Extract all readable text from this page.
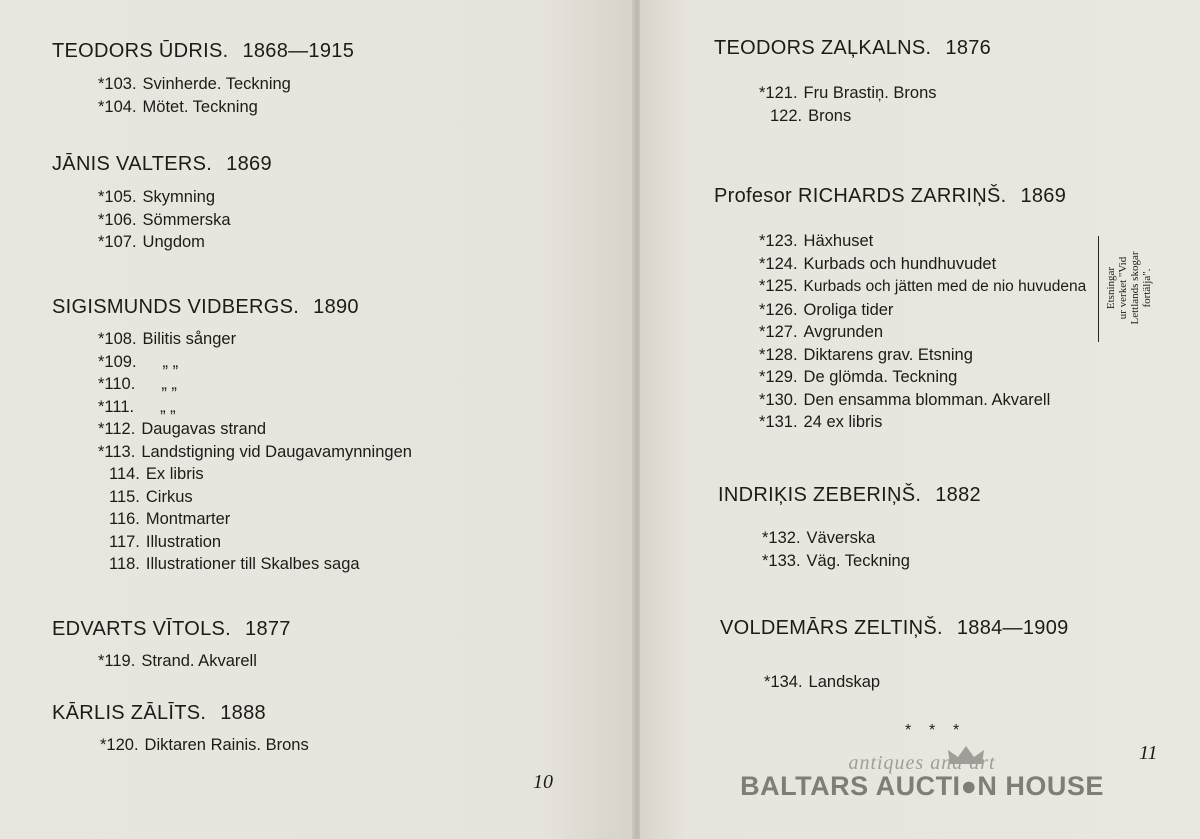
TEODORS ŪDRIS. 1868—1915
*103. Svinherde. Teckning
*104. Mötet. Teckning
JĀNIS VALTERS. 1869
*105. Skymning
*106. Sömmerska
*107. Ungdom
SIGISMUNDS VIDBERGS. 1890
*108. Bilitis sånger
*109. „ „
*110. „ „
*111. „ „
*112. Daugavas strand
*113. Landstigning vid Daugavamynningen
114. Ex libris
115. Cirkus
116. Montmarter
117. Illustration
118. Illustrationer till Skalbes saga
EDVARTS VĪTOLS. 1877
*119. Strand. Akvarell
KĀRLIS ZĀLĪTS. 1888
*120. Diktaren Rainis. Brons
10
TEODORS ZAĻKALNS. 1876
*121. Fru Brastiņ. Brons
122. Brons
Profesor RICHARDS ZARRIŅŠ. 1869
*123. Häxhuset
*124. Kurbads och hundhuvudet
*125. Kurbads och jätten med de nio huvudena
*126. Oroliga tider
*127. Avgrunden
*128. Diktarens grav. Etsning
*129. De glömda. Teckning
*130. Den ensamma blomman. Akvarell
*131. 24 ex libris
Etsningar ur verket "Vid Lettlands skogar fortälja".
INDRIĶIS ZEBERIŅŠ. 1882
*132. Väverska
*133. Väg. Teckning
VOLDEMĀRS ZELTIŅŠ. 1884—1909
*134. Landskap
*    *    *
11
antiques and art
BALTARS AUCTI●N HOUSE
